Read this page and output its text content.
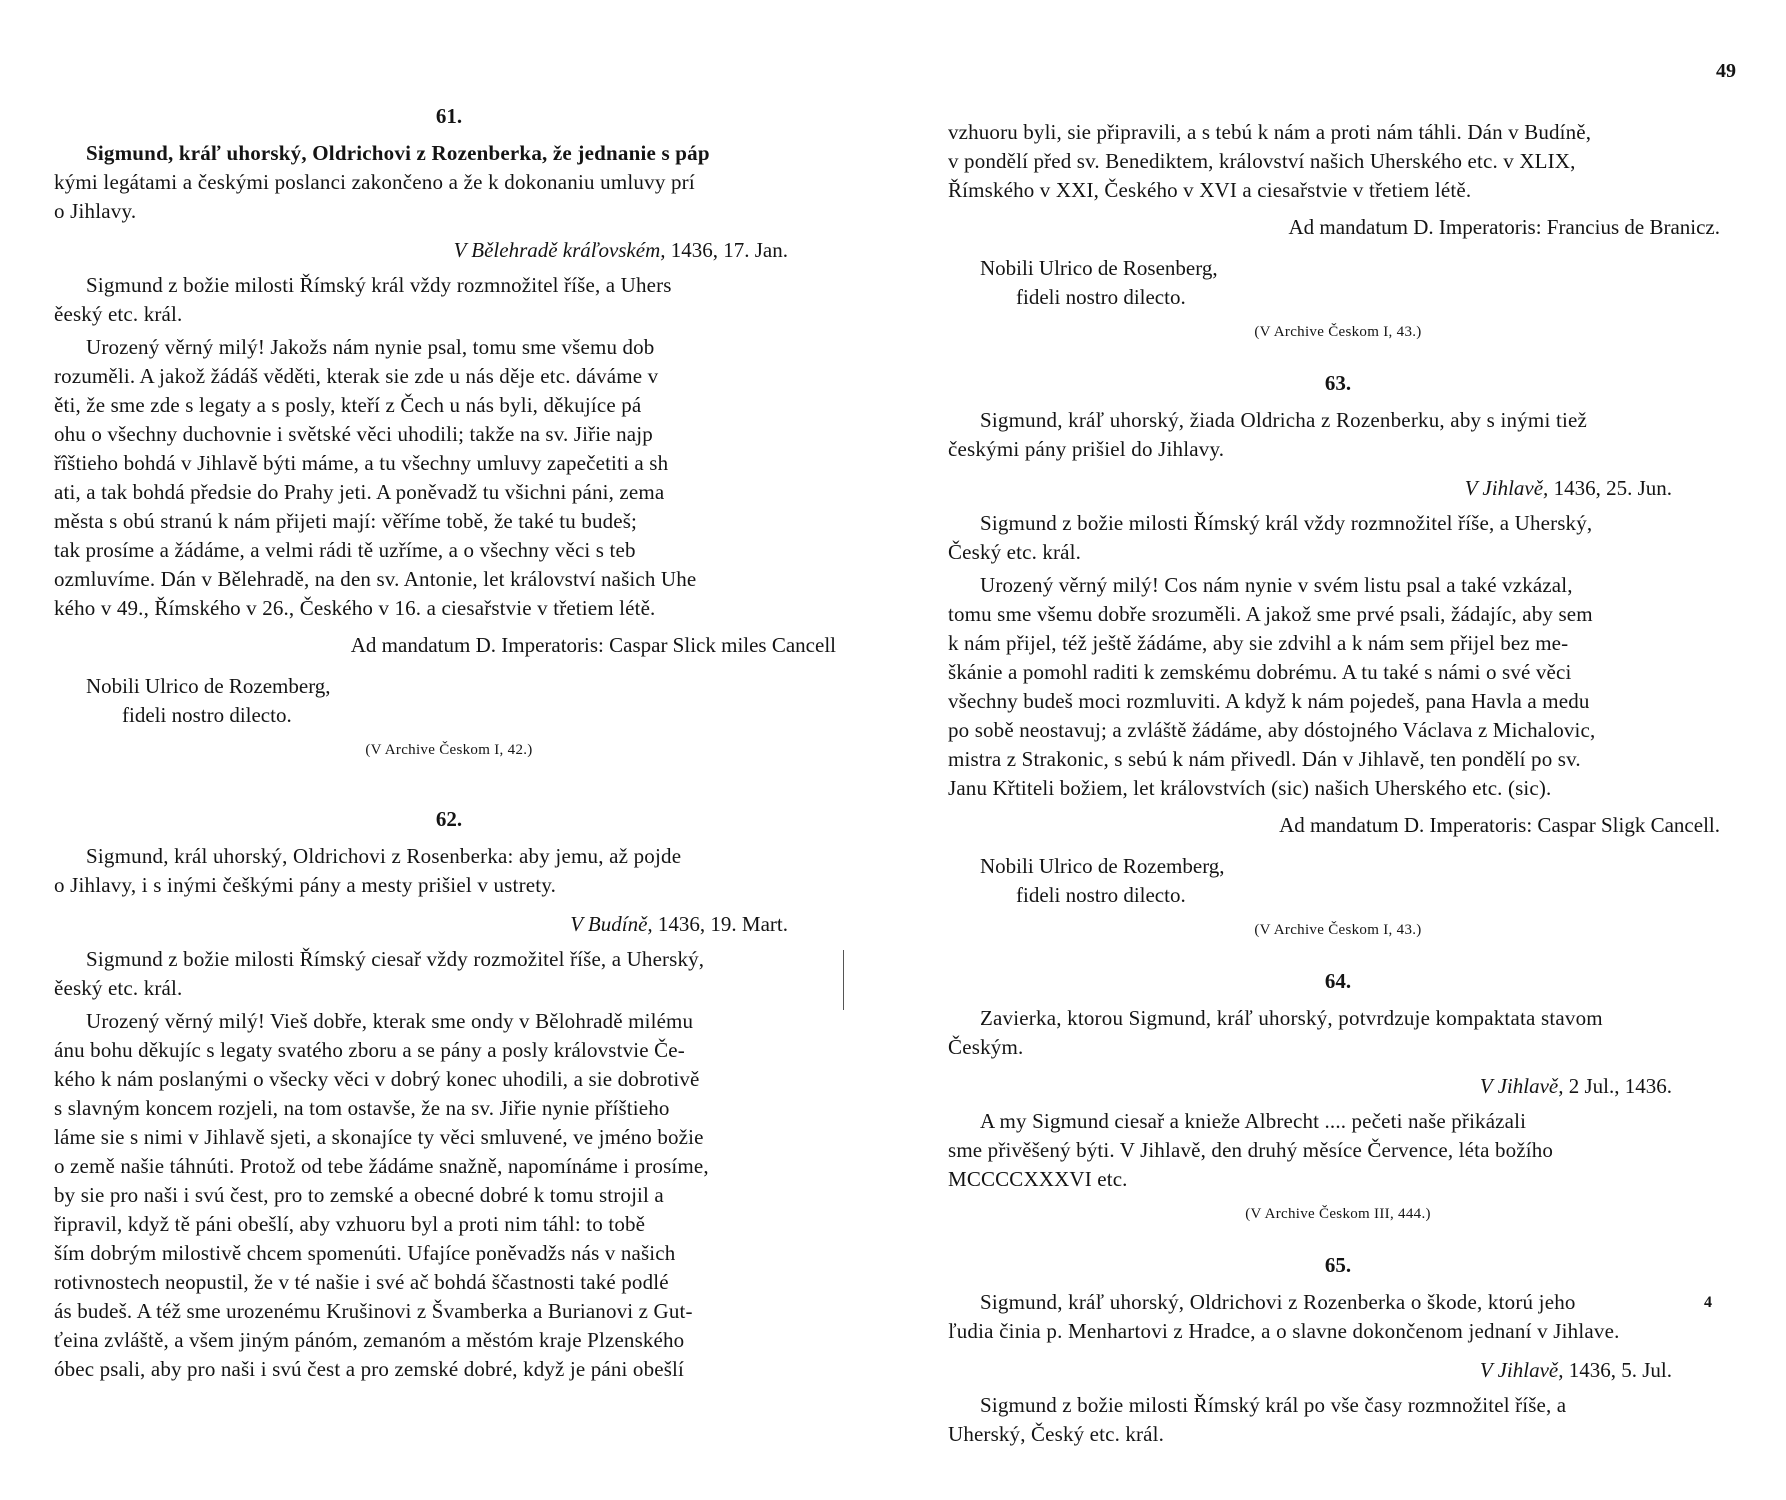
61.

Sigmund, kráľ uhorský, Oldrichovi z Rozenberka, že jednanie s páp

kými legátami a českými poslanci zakončeno a že k dokonaniu umluvy prí

o Jihlavy.

V Bělehradě kráľovském, 1436, 17. Jan.

Sigmund z božie milosti Římský král vždy rozmnožitel říše, a Uhers

ěeský etc. král.

Urozený věrný milý! Jakožs nám nynie psal, tomu sme všemu dob

rozuměli. A jakož žádáš věděti, kterak sie zde u nás děje etc. dáváme v

ěti, že sme zde s legaty a s posly, kteří z Čech u nás byli, děkujíce pá

ohu o všechny duchovnie i světské věci uhodili; takže na sv. Jiřie najp

řîštieho bohdá v Jihlavě býti máme, a tu všechny umluvy zapečetiti a sh

ati, a tak bohdá předsie do Prahy jeti. A poněvadž tu všichni páni, zema

města s obú stranú k nám přijeti mají: věříme tobě, že také tu budeš;

tak prosíme a žádáme, a velmi rádi tě uzříme, a o všechny věci s teb

ozmluvíme. Dán v Bělehradě, na den sv. Antonie, let království našich Uhe

kého v 49., Římského v 26., Českého v 16. a ciesařstvie v třetiem létě.

Ad mandatum D. Imperatoris: Caspar Slick miles Cancell

Nobili Ulrico de Rozemberg,

fideli nostro dilecto.

(V Archive Českom I, 42.)

62.

Sigmund, král uhorský, Oldrichovi z Rosenberka: aby jemu, až pojde

o Jihlavy, i s inými češkými pány a mesty prišiel v ustrety.

V Budíně, 1436, 19. Mart.

Sigmund z božie milosti Římský ciesař vždy rozmožitel říše, a Uherský,

ěeský etc. král.

Urozený věrný milý! Vieš dobře, kterak sme ondy v Bělohradě milému

ánu bohu děkujíc s legaty svatého zboru a se pány a posly královstvie Če-

kého k nám poslanými o všecky věci v dobrý konec uhodili, a sie dobrotivě

s slavným koncem rozjeli, na tom ostavše, že na sv. Jiřie nynie příštieho

láme sie s nimi v Jihlavě sjeti, a skonajíce ty věci smluvené, ve jméno božie

o země našie táhnúti. Protož od tebe žádáme snažně, napomínáme i prosíme,

by sie pro naši i svú čest, pro to zemské a obecné dobré k tomu strojil a

řipravil, když tě páni obešlí, aby vzhuoru byl a proti nim táhl: to tobě

ším dobrým milostivě chcem spomenúti. Ufajíce poněvadžs nás v našich

rotivnostech neopustil, že v té našie i své ač bohdá ščastnosti také podlé

ás budeš. A též sme urozenému Krušinovi z Švamberka a Burianovi z Gut-

ťeina zvláště, a všem jiným pánóm, zemanóm a městóm kraje Plzenského

óbec psali, aby pro naši i svú čest a pro zemské dobré, když je páni obešlí

49

vzhuoru byli, sie připravili, a s tebú k nám a proti nám táhli. Dán v Budíně,

v pondělí před sv. Benediktem, království našich Uherského etc. v XLIX,

Římského v XXI, Českého v XVI a ciesařstvie v třetiem létě.

Ad mandatum D. Imperatoris: Francius de Branicz.

Nobili Ulrico de Rosenberg,

fideli nostro dilecto.

(V Archive Českom I, 43.)

63.

Sigmund, kráľ uhorský, žiada Oldricha z Rozenberku, aby s inými tiež

českými pány prišiel do Jihlavy.

V Jihlavě, 1436, 25. Jun.

Sigmund z božie milosti Římský král vždy rozmnožitel říše, a Uherský,

Český etc. král.

Urozený věrný milý! Cos nám nynie v svém listu psal a také vzkázal,

tomu sme všemu dobře srozuměli. A jakož sme prvé psali, žádajíc, aby sem

k nám přijel, též ještě žádáme, aby sie zdvihl a k nám sem přijel bez me-

škánie a pomohl raditi k zemskému dobrému. A tu také s námi o své věci

všechny budeš moci rozmluviti. A když k nám pojedeš, pana Havla a medu

po sobě neostavuj; a zvláště žádáme, aby dóstojného Václava z Michalovic,

mistra z Strakonic, s sebú k nám přivedl. Dán v Jihlavě, ten pondělí po sv.

Janu Křtiteli božiem, let královstvích (sic) našich Uherského etc. (sic).

Ad mandatum D. Imperatoris: Caspar Sligk Cancell.

Nobili Ulrico de Rozemberg,

fideli nostro dilecto.

(V Archive Českom I, 43.)

64.

Zavierka, ktorou Sigmund, kráľ uhorský, potvrdzuje kompaktata stavom

Českým.

V Jihlavě, 2 Jul., 1436.

A my Sigmund ciesař a knieže Albrecht .... pečeti naše přikázali

sme přivěšený býti. V Jihlavě, den druhý měsíce Července, léta božího

MCCCCXXXVI etc.

(V Archive Českom III, 444.)

65.

Sigmund, kráľ uhorský, Oldrichovi z Rozenberka o škode, ktorú jeho

ľudia činia p. Menhartovi z Hradce, a o slavne dokončenom jednaní v Jihlave.

V Jihlavě, 1436, 5. Jul.

Sigmund z božie milosti Římský král po vše časy rozmnožitel říše, a

Uherský, Český etc. král.

4
